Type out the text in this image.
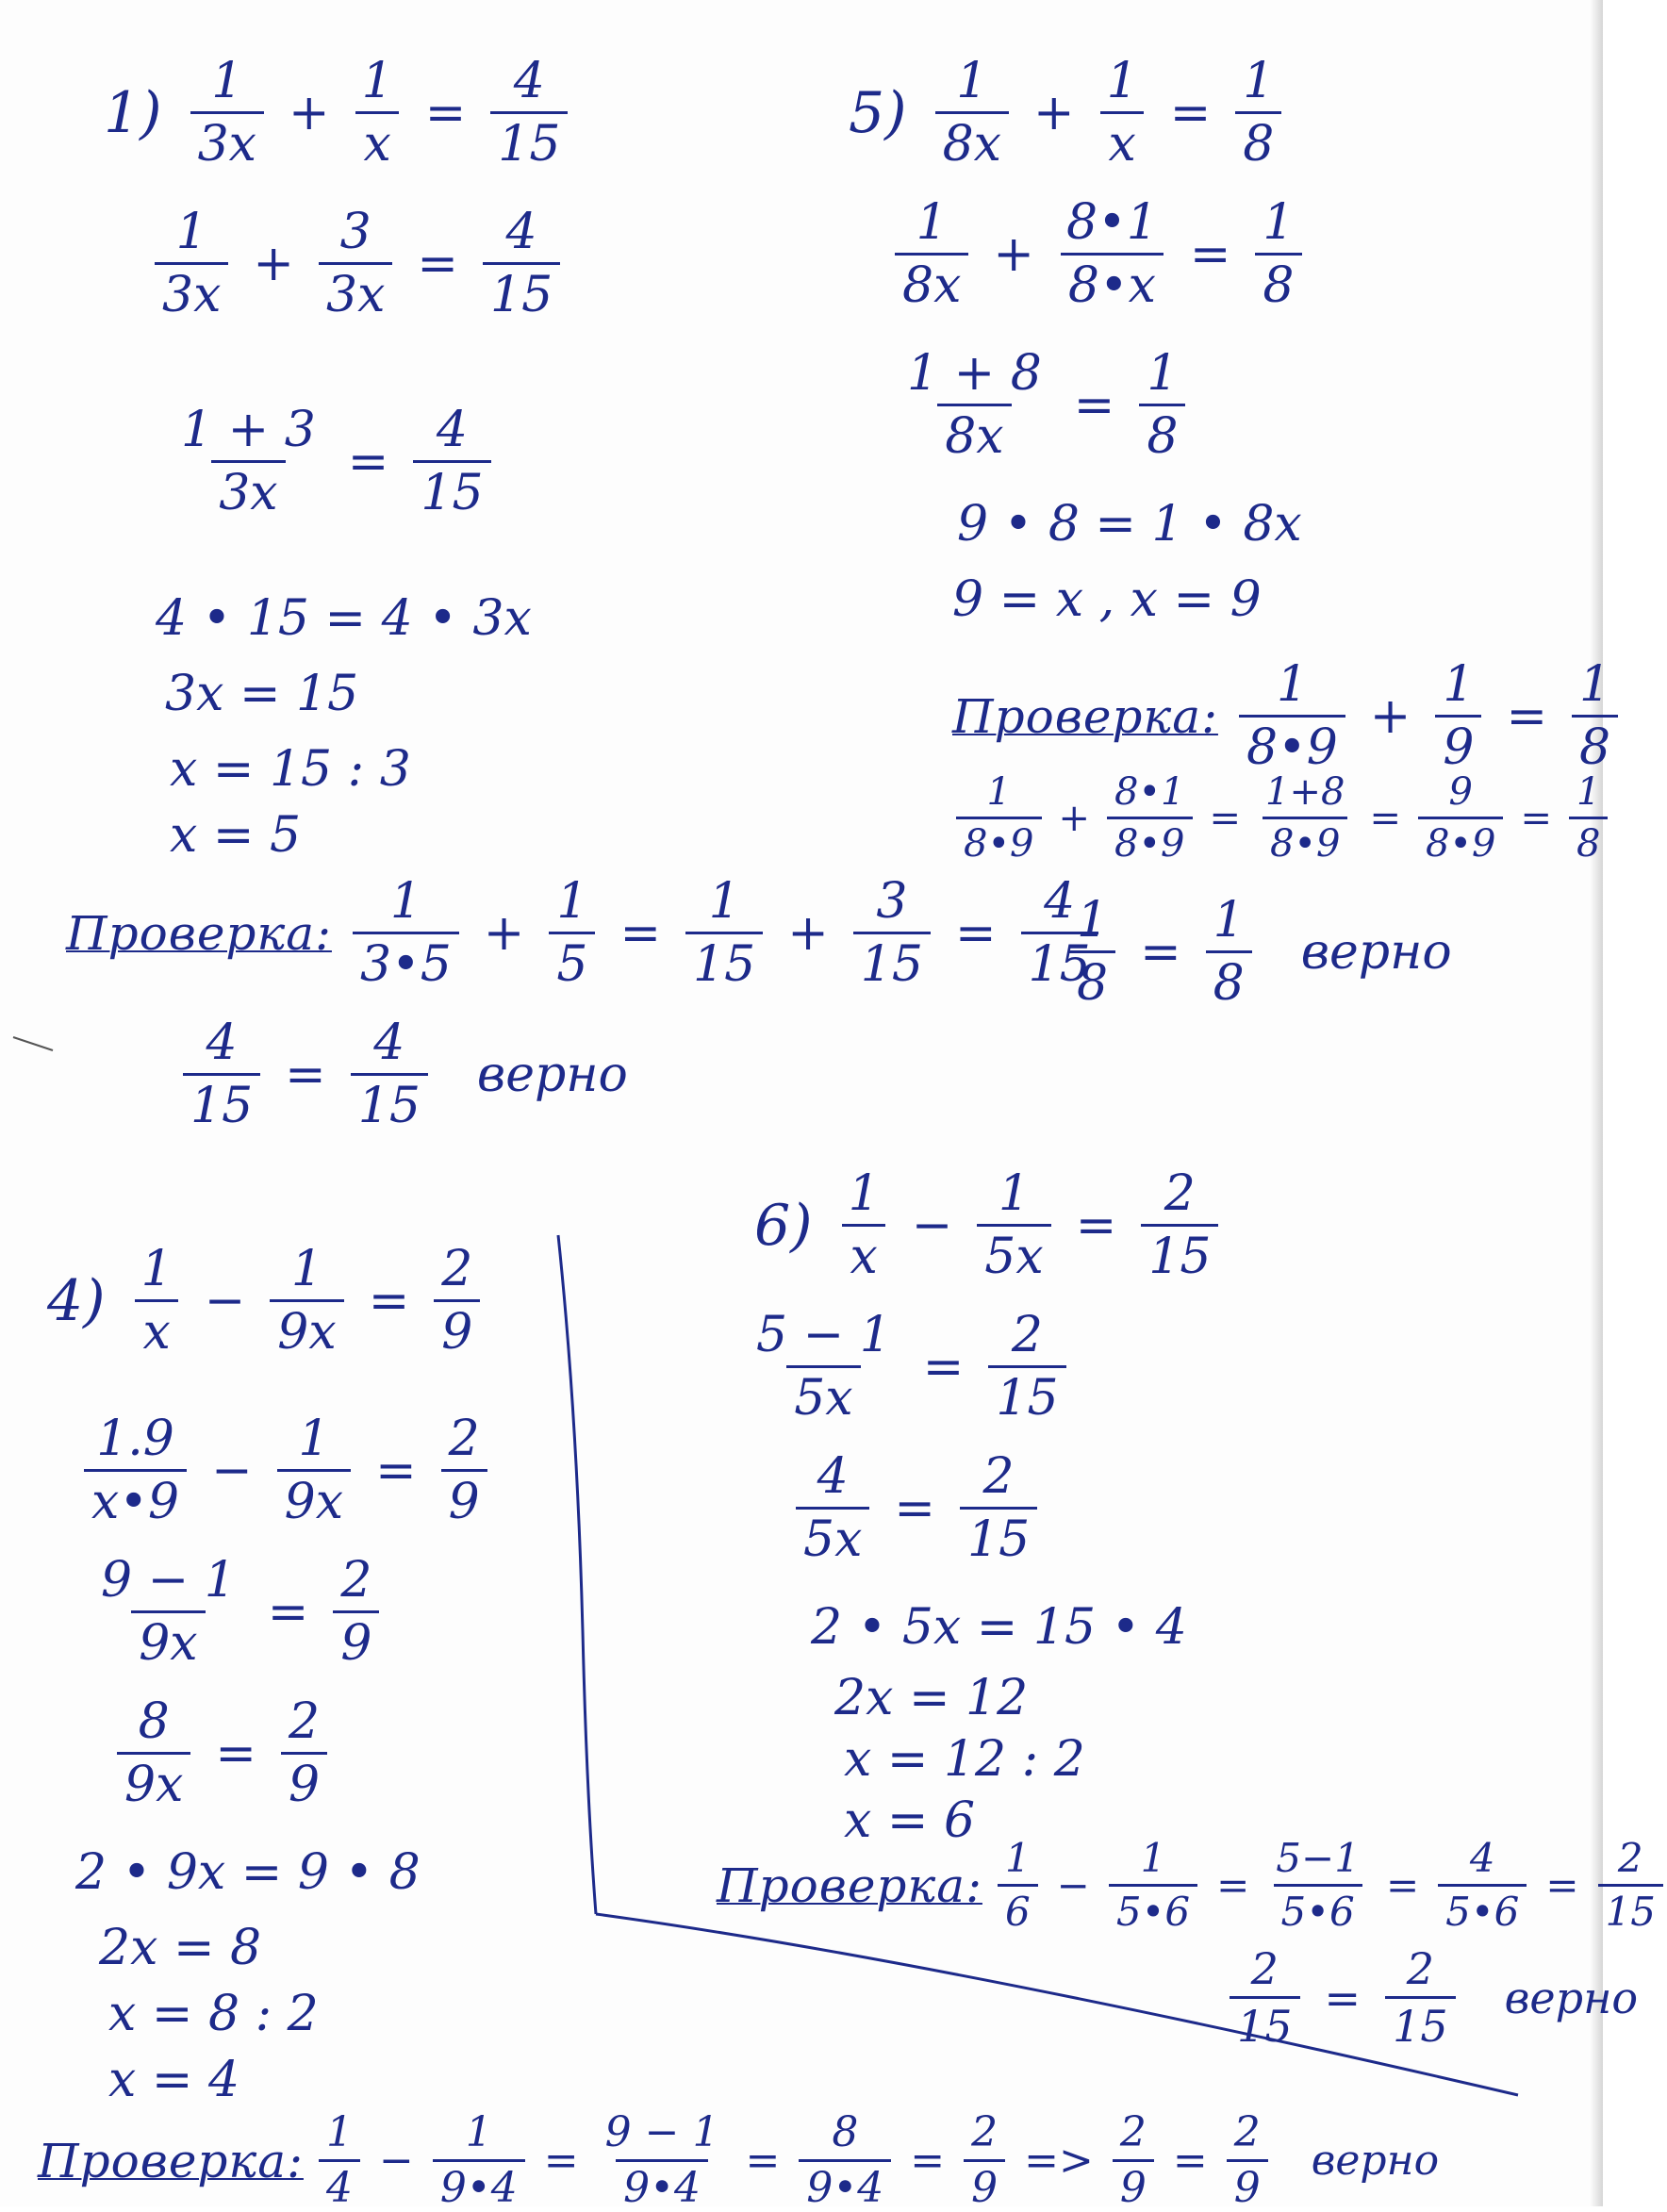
$1) \frac{1}{3x} + \frac{1}{x} = \frac{4}{15}$
$\frac{1}{3x} + \frac{3}{3x} = \frac{4}{15}$
$\frac{1 + 3}{3x} = \frac{4}{15}$
4 • 15 = 4 • 3x
3x = 15
x = 15 : 3
x = 5
Проверка: $\frac{1}{3•5} + \frac{1}{5} = \frac{1}{15} + \frac{3}{15} = \frac{4}{15}$
$\frac{4}{15} = \frac{4}{15}$ верно
$5) \frac{1}{8x} + \frac{1}{x} = \frac{1}{8}$
$\frac{1}{8x} + \frac{8•1}{8•x} = \frac{1}{8}$
$\frac{1 + 8}{8x} = \frac{1}{8}$
9 • 8 = 1 • 8x
9 = x , x = 9
Проверка: $\frac{1}{8•9} + \frac{1}{9} = \frac{1}{8}$
$\frac{1}{8•9} + \frac{8•1}{8•9} = \frac{1+8}{8•9} = \frac{9}{8•9} = \frac{1}{8}$
$\frac{1}{8} = \frac{1}{8}$ верно
$4) \frac{1}{x} - \frac{1}{9x} = \frac{2}{9}$
$\frac{1.9}{x•9} - \frac{1}{9x} = \frac{2}{9}$
$\frac{9 - 1}{9x} = \frac{2}{9}$
$\frac{8}{9x} = \frac{2}{9}$
2 • 9x = 9 • 8
2x = 8
x = 8 : 2
x = 4
Проверка: $\frac{1}{4} - \frac{1}{9•4} = \frac{9 - 1}{9•4} = \frac{8}{9•4} = \frac{2}{9} => \frac{2}{9} = \frac{2}{9}$ верно
$6) \frac{1}{x} - \frac{1}{5x} = \frac{2}{15}$
$\frac{5 - 1}{5x} = \frac{2}{15}$
$\frac{4}{5x} = \frac{2}{15}$
2 • 5x = 15 • 4
2x = 12
x = 12 : 2
x = 6
Проверка: $\frac{1}{6} - \frac{1}{5•6} = \frac{5-1}{5•6} = \frac{4}{5•6} = \frac{2}{15}$
$\frac{2}{15} = \frac{2}{15}$ верно
